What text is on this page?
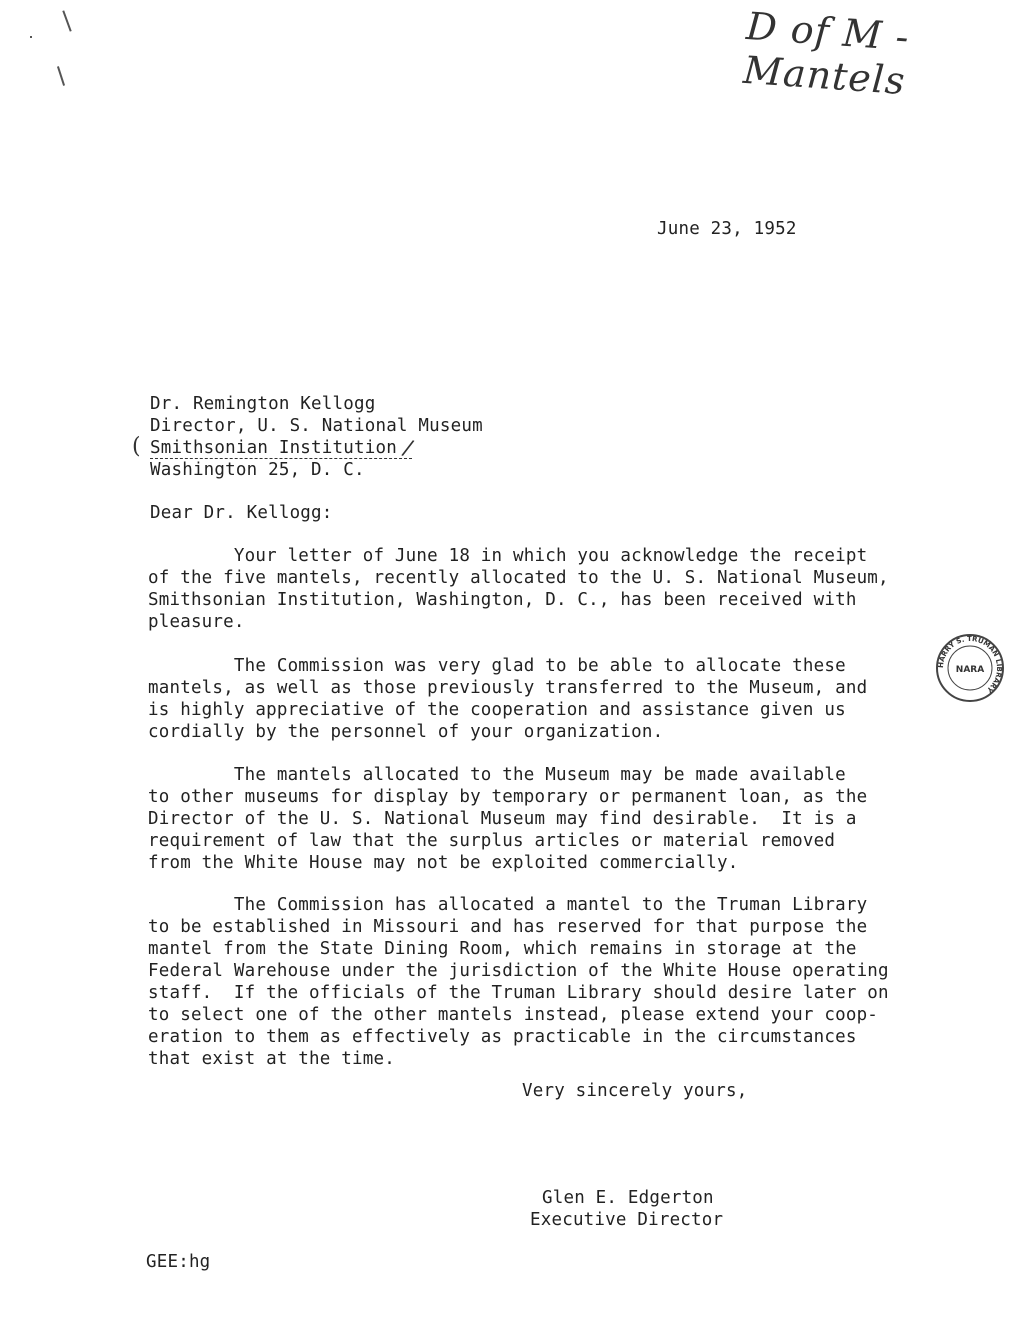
D of M - Mantels
June 23, 1952
Dr. Remington Kellogg
Director, U. S. National Museum
( Smithsonian Institution /
Washington 25, D. C.
Dear Dr. Kellogg:
Your letter of June 18 in which you acknowledge the receipt
of the five mantels, recently allocated to the U. S. National Museum,
Smithsonian Institution, Washington, D. C., has been received with
pleasure.
The Commission was very glad to be able to allocate these
mantels, as well as those previously transferred to the Museum, and
is highly appreciative of the cooperation and assistance given us
cordially by the personnel of your organization.
The mantels allocated to the Museum may be made available
to other museums for display by temporary or permanent loan, as the
Director of the U. S. National Museum may find desirable.  It is a
requirement of law that the surplus articles or material removed
from the White House may not be exploited commercially.
The Commission has allocated a mantel to the Truman Library
to be established in Missouri and has reserved for that purpose the
mantel from the State Dining Room, which remains in storage at the
Federal Warehouse under the jurisdiction of the White House operating
staff.  If the officials of the Truman Library should desire later on
to select one of the other mantels instead, please extend your coop-
eration to them as effectively as practicable in the circumstances
that exist at the time.
Very sincerely yours,
Glen E. Edgerton
Executive Director
GEE:hg
HARRY S. TRUMAN LIBRARY
NARA
